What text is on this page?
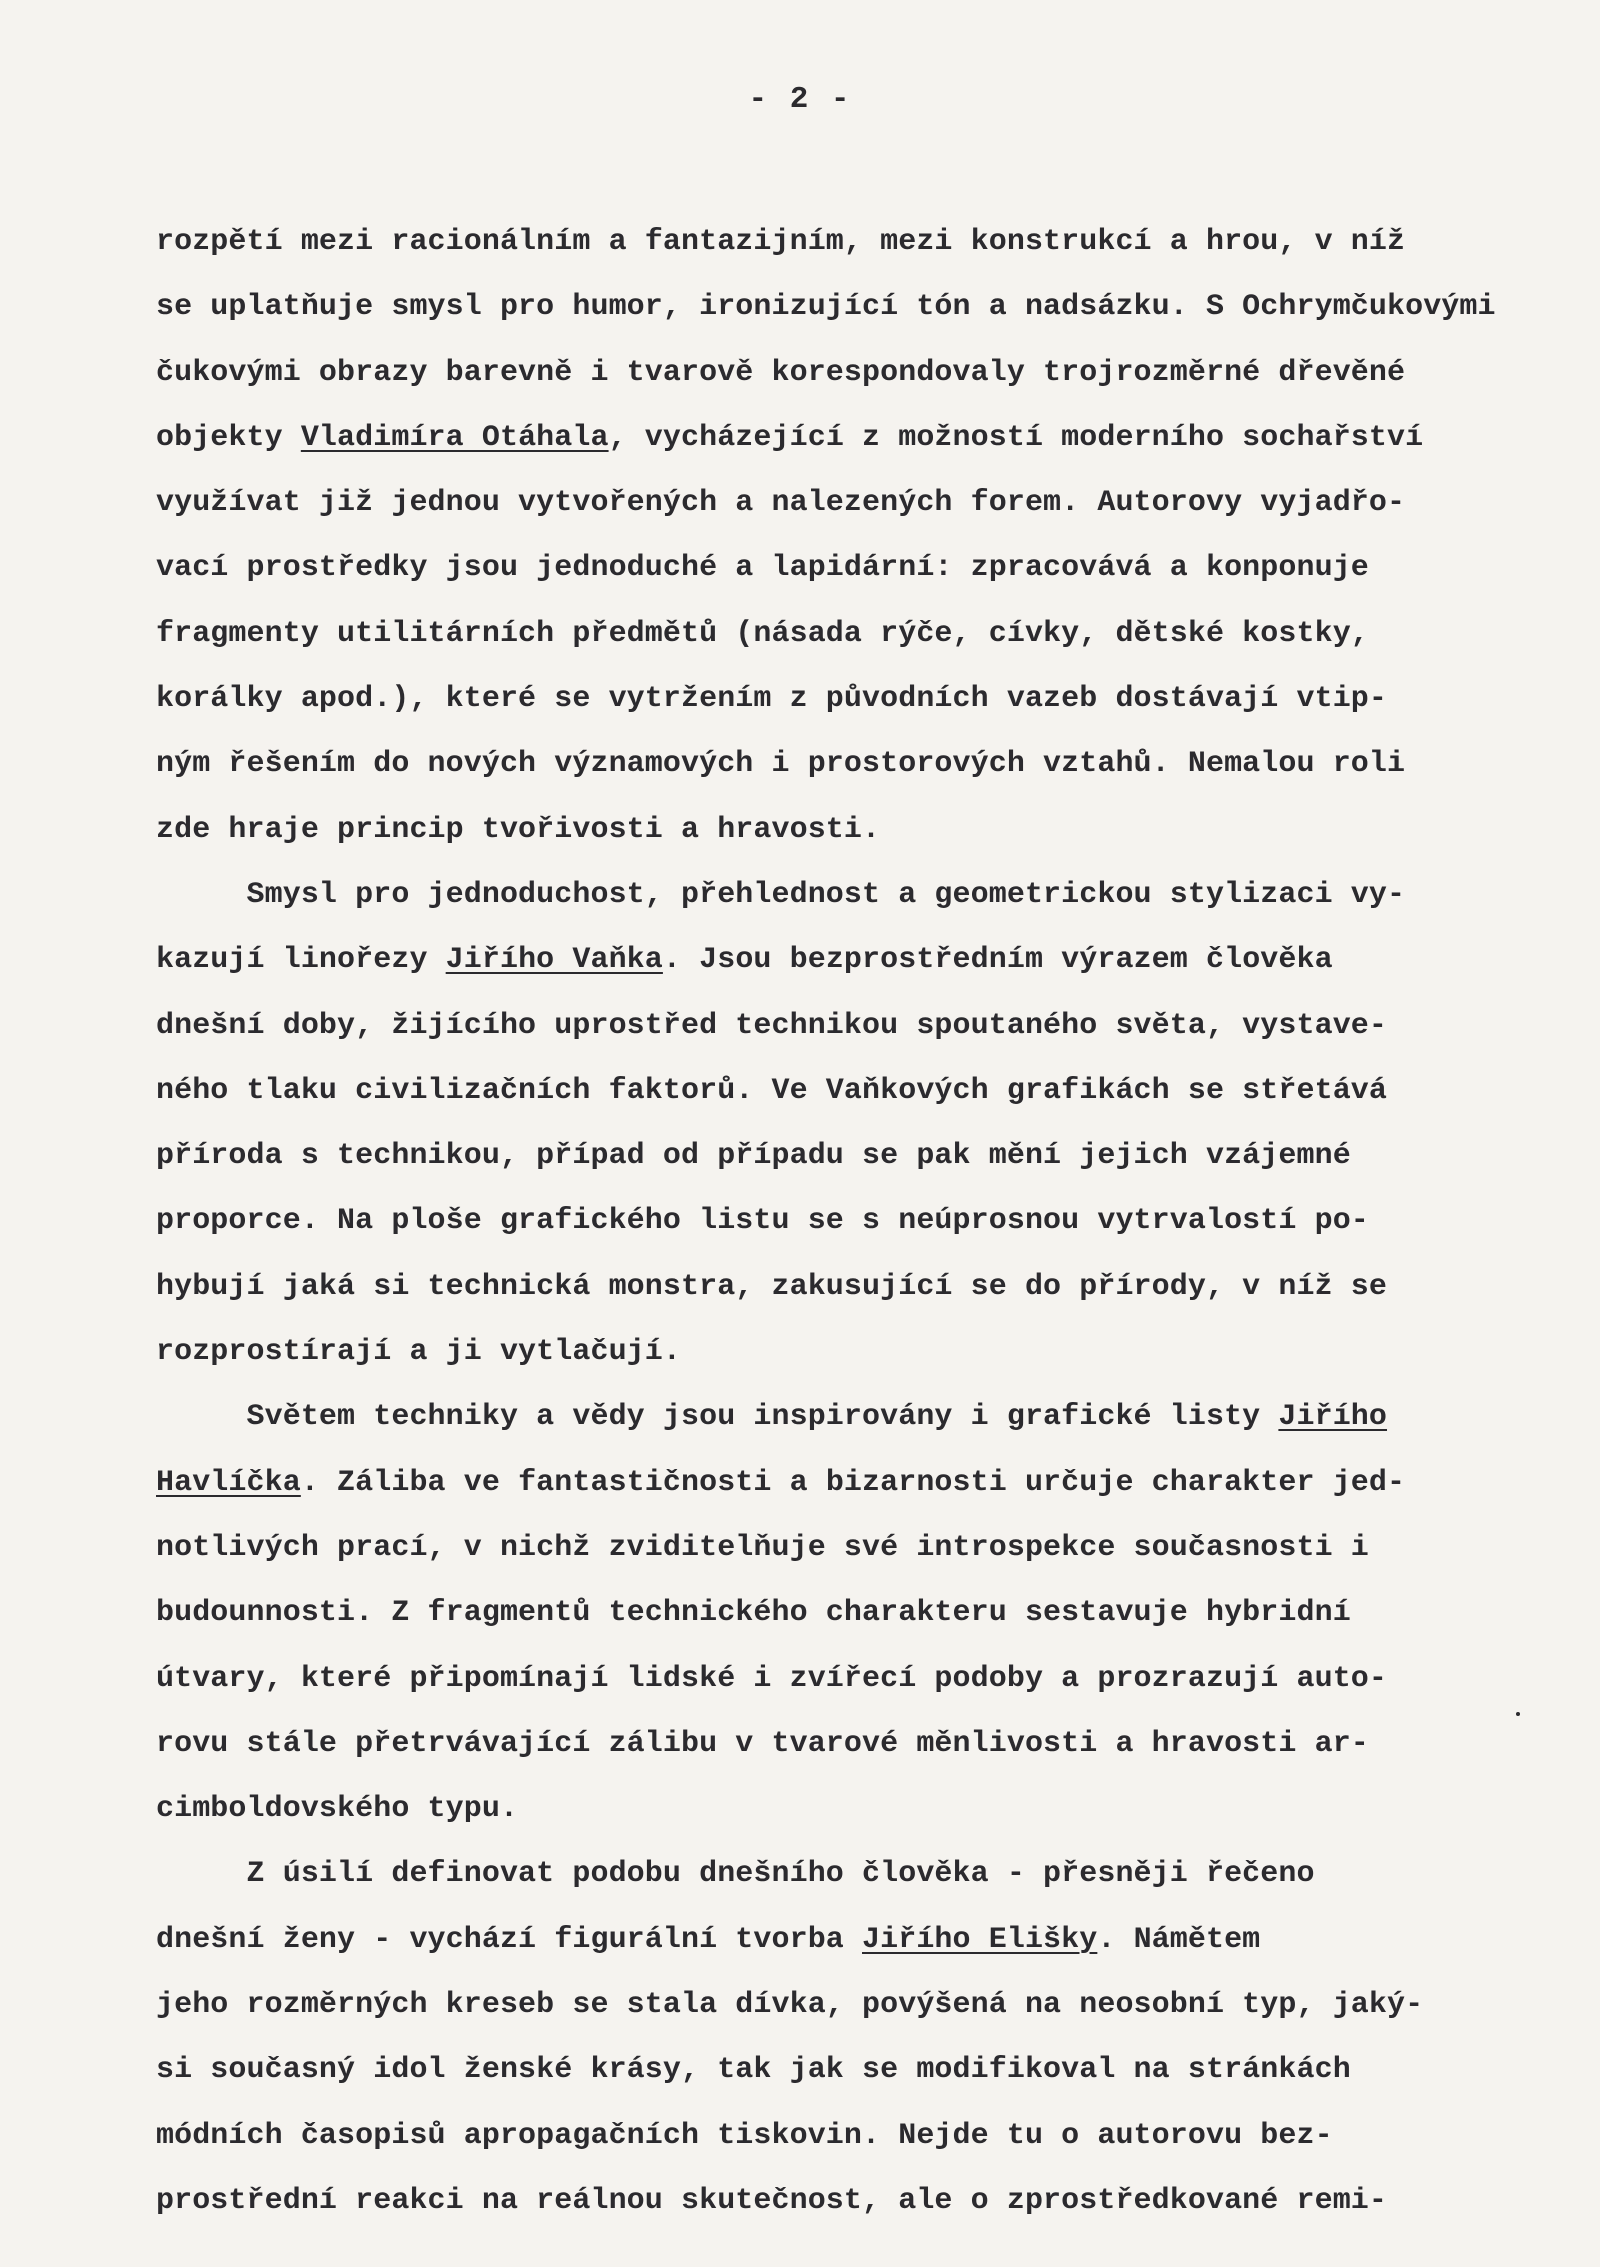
- 2 -
rozpětí mezi racionálním a fantazijním, mezi konstrukcí a hrou, v níž
se uplatňuje smysl pro humor, ironizující tón a nadsázku. S Ochrymčukovými
čukovými obrazy barevně i tvarově korespondovaly trojrozměrné dřevěné
objekty Vladimíra Otáhala, vycházející z možností moderního sochařství
využívat již jednou vytvořených a nalezených forem. Autorovy vyjadřo-
vací prostředky jsou jednoduché a lapidární: zpracovává a konponuje
fragmenty utilitárních předmětů (násada rýče, cívky, dětské kostky,
korálky apod.), které se vytržením z původních vazeb dostávají vtip-
ným řešením do nových významových i prostorových vztahů. Nemalou roli
zde hraje princip tvořivosti a hravosti.
Smysl pro jednoduchost, přehlednost a geometrickou stylizaci vy-
kazují linořezy Jiřího Vaňka. Jsou bezprostředním výrazem člověka
dnešní doby, žijícího uprostřed technikou spoutaného světa, vystave-
ného tlaku civilizačních faktorů. Ve Vaňkových grafikách se střetává
příroda s technikou, případ od případu se pak mění jejich vzájemné
proporce. Na ploše grafického listu se s neúprosnou vytrvalostí po-
hybují jaká si technická monstra, zakusující se do přírody, v níž se
rozprostírají a ji vytlačují.
Světem techniky a vědy jsou inspirovány i grafické listy Jiřího
Havlíčka. Záliba ve fantastičnosti a bizarnosti určuje charakter jed-
notlivých prací, v nichž zviditelňuje své introspekce současnosti i
budounnosti. Z fragmentů technického charakteru sestavuje hybridní
útvary, které připomínají lidské i zvířecí podoby a prozrazují auto-
rovu stále přetrvávající zálibu v tvarové měnlivosti a hravosti ar-
cimboldovského typu.
Z úsilí definovat podobu dnešního člověka - přesněji řečeno
dnešní ženy - vychází figurální tvorba Jiřího Elišky. Námětem
jeho rozměrných kreseb se stala dívka, povýšená na neosobní typ, jaký-
si současný idol ženské krásy, tak jak se modifikoval na stránkách
módních časopisů apropagačních tiskovin. Nejde tu o autorovu bez-
prostřední reakci na reálnou skutečnost, ale o zprostředkované remi-
